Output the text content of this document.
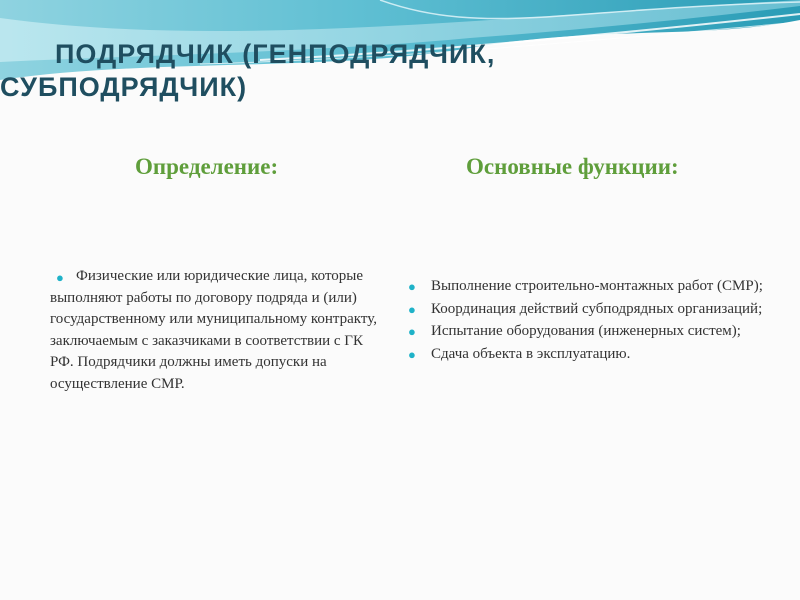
ПОДРЯДЧИК (ГЕНПОДРЯДЧИК,
СУБПОДРЯДЧИК)
Определение:	Основные функции:
● Физические или юридические лица, которые выполняют работы по договору подряда и (или) государственному или муниципальному контракту, заключаемым с заказчиками в соответствии с ГК РФ. Подрядчики должны иметь допуски на осуществление СМР.
● Выполнение строительно-монтажных работ (СМР);
● Координация действий субподрядных организаций;
● Испытание оборудования (инженерных систем);
● Сдача объекта в эксплуатацию.
